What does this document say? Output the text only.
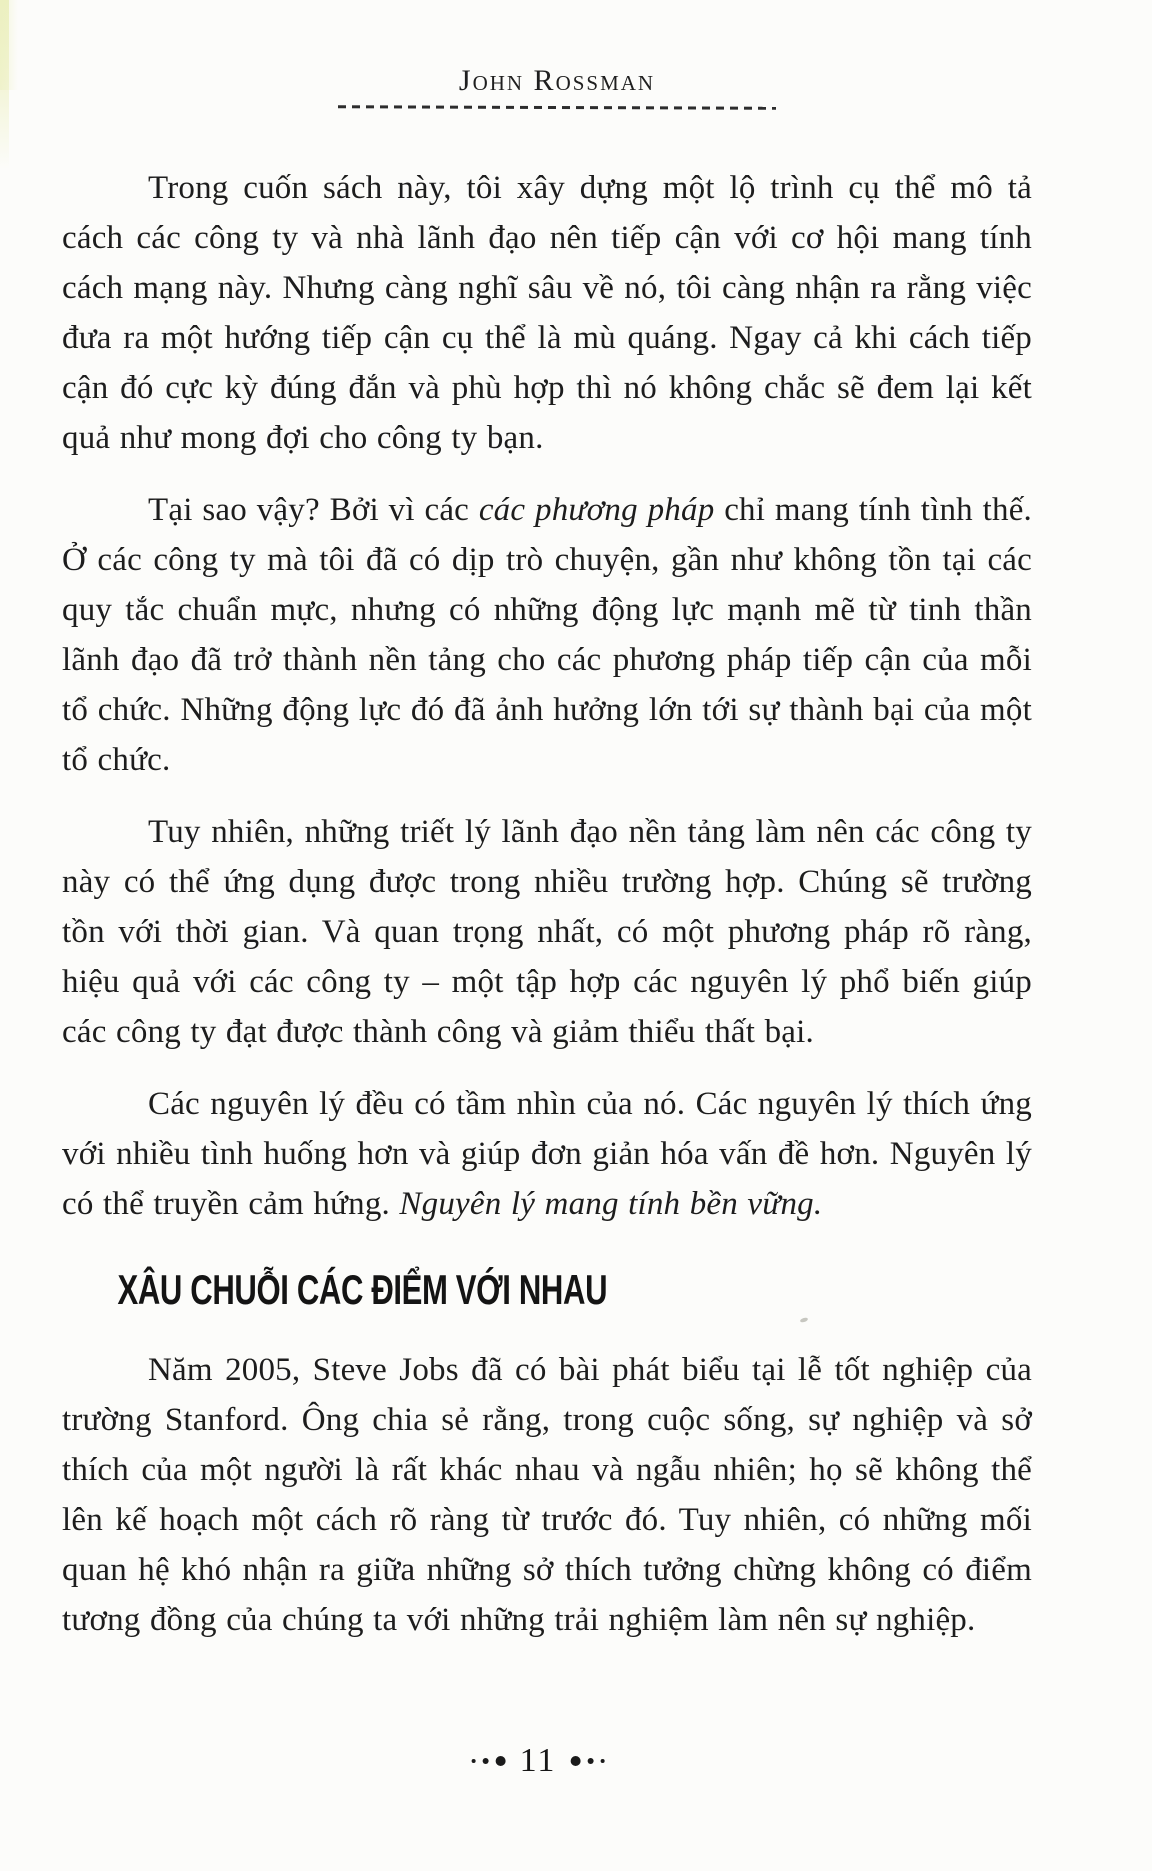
John Rossman

Trong cuốn sách này, tôi xây dựng một lộ trình cụ thể mô tả cách các công ty và nhà lãnh đạo nên tiếp cận với cơ hội mang tính cách mạng này. Nhưng càng nghĩ sâu về nó, tôi càng nhận ra rằng việc đưa ra một hướng tiếp cận cụ thể là mù quáng. Ngay cả khi cách tiếp cận đó cực kỳ đúng đắn và phù hợp thì nó không chắc sẽ đem lại kết quả như mong đợi cho công ty bạn.

Tại sao vậy? Bởi vì các các phương pháp chỉ mang tính tình thế. Ở các công ty mà tôi đã có dịp trò chuyện, gần như không tồn tại các quy tắc chuẩn mực, nhưng có những động lực mạnh mẽ từ tinh thần lãnh đạo đã trở thành nền tảng cho các phương pháp tiếp cận của mỗi tổ chức. Những động lực đó đã ảnh hưởng lớn tới sự thành bại của một tổ chức.

Tuy nhiên, những triết lý lãnh đạo nền tảng làm nên các công ty này có thể ứng dụng được trong nhiều trường hợp. Chúng sẽ trường tồn với thời gian. Và quan trọng nhất, có một phương pháp rõ ràng, hiệu quả với các công ty – một tập hợp các nguyên lý phổ biến giúp các công ty đạt được thành công và giảm thiểu thất bại.

Các nguyên lý đều có tầm nhìn của nó. Các nguyên lý thích ứng với nhiều tình huống hơn và giúp đơn giản hóa vấn đề hơn. Nguyên lý có thể truyền cảm hứng. Nguyên lý mang tính bền vững.

XÂU CHUỖI CÁC ĐIỂM VỚI NHAU

Năm 2005, Steve Jobs đã có bài phát biểu tại lễ tốt nghiệp của trường Stanford. Ông chia sẻ rằng, trong cuộc sống, sự nghiệp và sở thích của một người là rất khác nhau và ngẫu nhiên; họ sẽ không thể lên kế hoạch một cách rõ ràng từ trước đó. Tuy nhiên, có những mối quan hệ khó nhận ra giữa những sở thích tưởng chừng không có điểm tương đồng của chúng ta với những trải nghiệm làm nên sự nghiệp.

11
